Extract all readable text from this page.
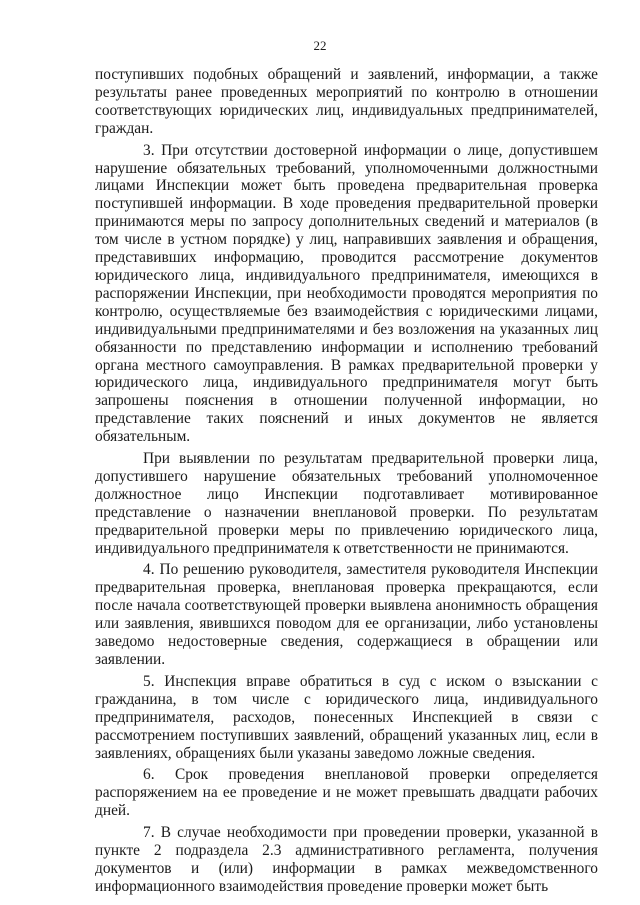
22

поступивших подобных обращений и заявлений, информации, а также результаты ранее проведенных мероприятий по контролю в отношении соответствующих юридических лиц, индивидуальных предпринимателей, граждан.

3. При отсутствии достоверной информации о лице, допустившем нарушение обязательных требований, уполномоченными должностными лицами Инспекции может быть проведена предварительная проверка поступившей информации. В ходе проведения предварительной проверки принимаются меры по запросу дополнительных сведений и материалов (в том числе в устном порядке) у лиц, направивших заявления и обращения, представивших информацию, проводится рассмотрение документов юридического лица, индивидуального предпринимателя, имеющихся в распоряжении Инспекции, при необходимости проводятся мероприятия по контролю, осуществляемые без взаимодействия с юридическими лицами, индивидуальными предпринимателями и без возложения на указанных лиц обязанности по представлению информации и исполнению требований органа местного самоуправления. В рамках предварительной проверки у юридического лица, индивидуального предпринимателя могут быть запрошены пояснения в отношении полученной информации, но представление таких пояснений и иных документов не является обязательным.

При выявлении по результатам предварительной проверки лица, допустившего нарушение обязательных требований уполномоченное должностное лицо Инспекции подготавливает мотивированное представление о назначении внеплановой проверки. По результатам предварительной проверки меры по привлечению юридического лица, индивидуального предпринимателя к ответственности не принимаются.

4. По решению руководителя, заместителя руководителя Инспекции предварительная проверка, внеплановая проверка прекращаются, если после начала соответствующей проверки выявлена анонимность обращения или заявления, явившихся поводом для ее организации, либо установлены заведомо недостоверные сведения, содержащиеся в обращении или заявлении.

5. Инспекция вправе обратиться в суд с иском о взыскании с гражданина, в том числе с юридического лица, индивидуального предпринимателя, расходов, понесенных Инспекцией в связи с рассмотрением поступивших заявлений, обращений указанных лиц, если в заявлениях, обращениях были указаны заведомо ложные сведения.

6. Срок проведения внеплановой проверки определяется распоряжением на ее проведение и не может превышать двадцати рабочих дней.

7. В случае необходимости при проведении проверки, указанной в пункте 2 подраздела 2.3 административного регламента, получения документов и (или) информации в рамках межведомственного информационного взаимодействия проведение проверки может быть
